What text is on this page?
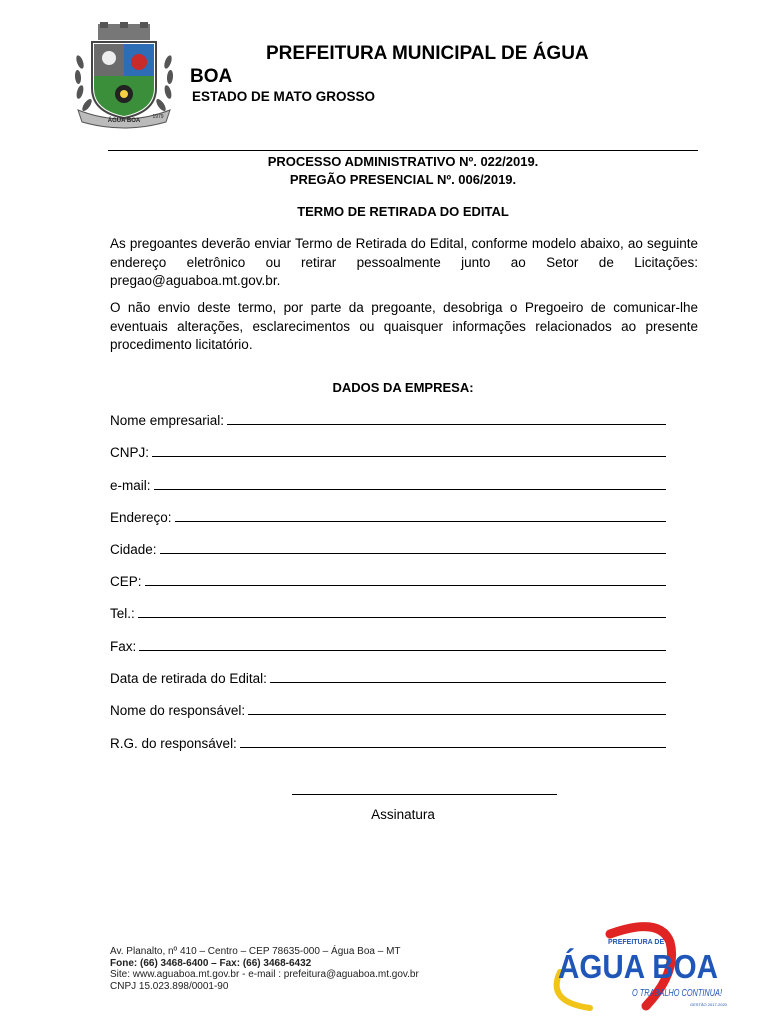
ÁGUA BOA
1979
PREFEITURA MUNICIPAL DE ÁGUA
BOA
ESTADO DE MATO GROSSO
PROCESSO ADMINISTRATIVO Nº. 022/2019.
PREGÃO PRESENCIAL Nº. 006/2019.
TERMO DE RETIRADA DO EDITAL
As pregoantes deverão enviar Termo de Retirada do Edital, conforme modelo abaixo, ao seguinte endereço eletrônico ou retirar pessoalmente junto ao Setor de Licitações: pregao@aguaboa.mt.gov.br.
O não envio deste termo, por parte da pregoante, desobriga o Pregoeiro de comunicar-lhe eventuais alterações, esclarecimentos ou quaisquer informações relacionados ao presente procedimento licitatório.
DADOS DA EMPRESA:
Nome empresarial:
CNPJ:
e-mail:
Endereço:
Cidade:
CEP:
Tel.:
Fax:
Data de retirada do Edital:
Nome do responsável:
R.G. do responsável:
Assinatura
Av. Planalto, nº 410 – Centro – CEP 78635-000 – Água Boa – MT
Fone: (66) 3468-6400 – Fax: (66) 3468-6432
Site: www.aguaboa.mt.gov.br - e-mail : prefeitura@aguaboa.mt.gov.br
CNPJ 15.023.898/0001-90
PREFEITURA DE
ÁGUA BOA
O TRABALHO CONTINUA!
GESTÃO 2017-2020
